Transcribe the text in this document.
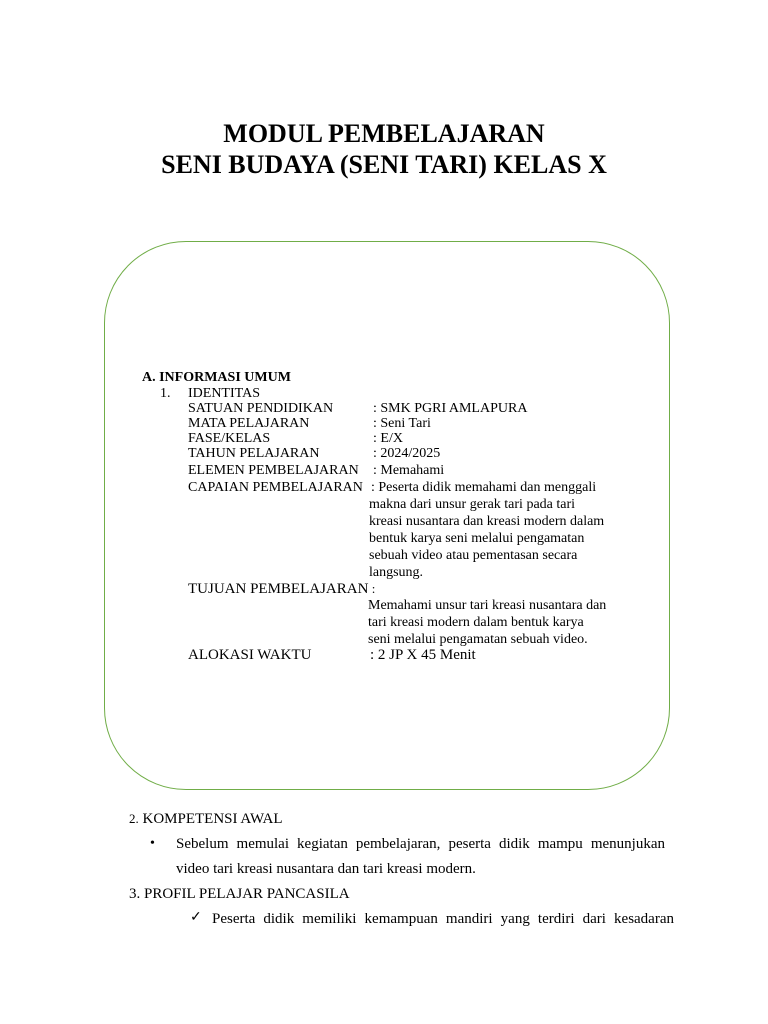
MODUL PEMBELAJARAN
SENI BUDAYA (SENI TARI) KELAS X
A. INFORMASI UMUM
1. IDENTITAS
SATUAN PENDIDIKAN	: SMK PGRI AMLAPURA
MATA PELAJARAN	: Seni Tari
FASE/KELAS	: E/X
TAHUN PELAJARAN	: 2024/2025
ELEMEN PEMBELAJARAN : Memahami
CAPAIAN PEMBELAJARAN : Peserta didik memahami dan menggali
makna dari unsur gerak tari pada tari
kreasi nusantara dan kreasi modern dalam
bentuk karya seni melalui pengamatan
sebuah video atau pementasan secara
langsung.
TUJUAN PEMBELAJARAN :
Memahami unsur tari kreasi nusantara dan
tari kreasi modern dalam bentuk karya
seni melalui pengamatan sebuah video.
ALOKASI WAKTU	: 2 JP X 45 Menit
2. KOMPETENSI AWAL
• Sebelum memulai kegiatan pembelajaran, peserta didik mampu menunjukan
video tari kreasi nusantara dan tari kreasi modern.
3. PROFIL PELAJAR PANCASILA
✓ Peserta didik memiliki kemampuan mandiri yang terdiri dari kesadaran
